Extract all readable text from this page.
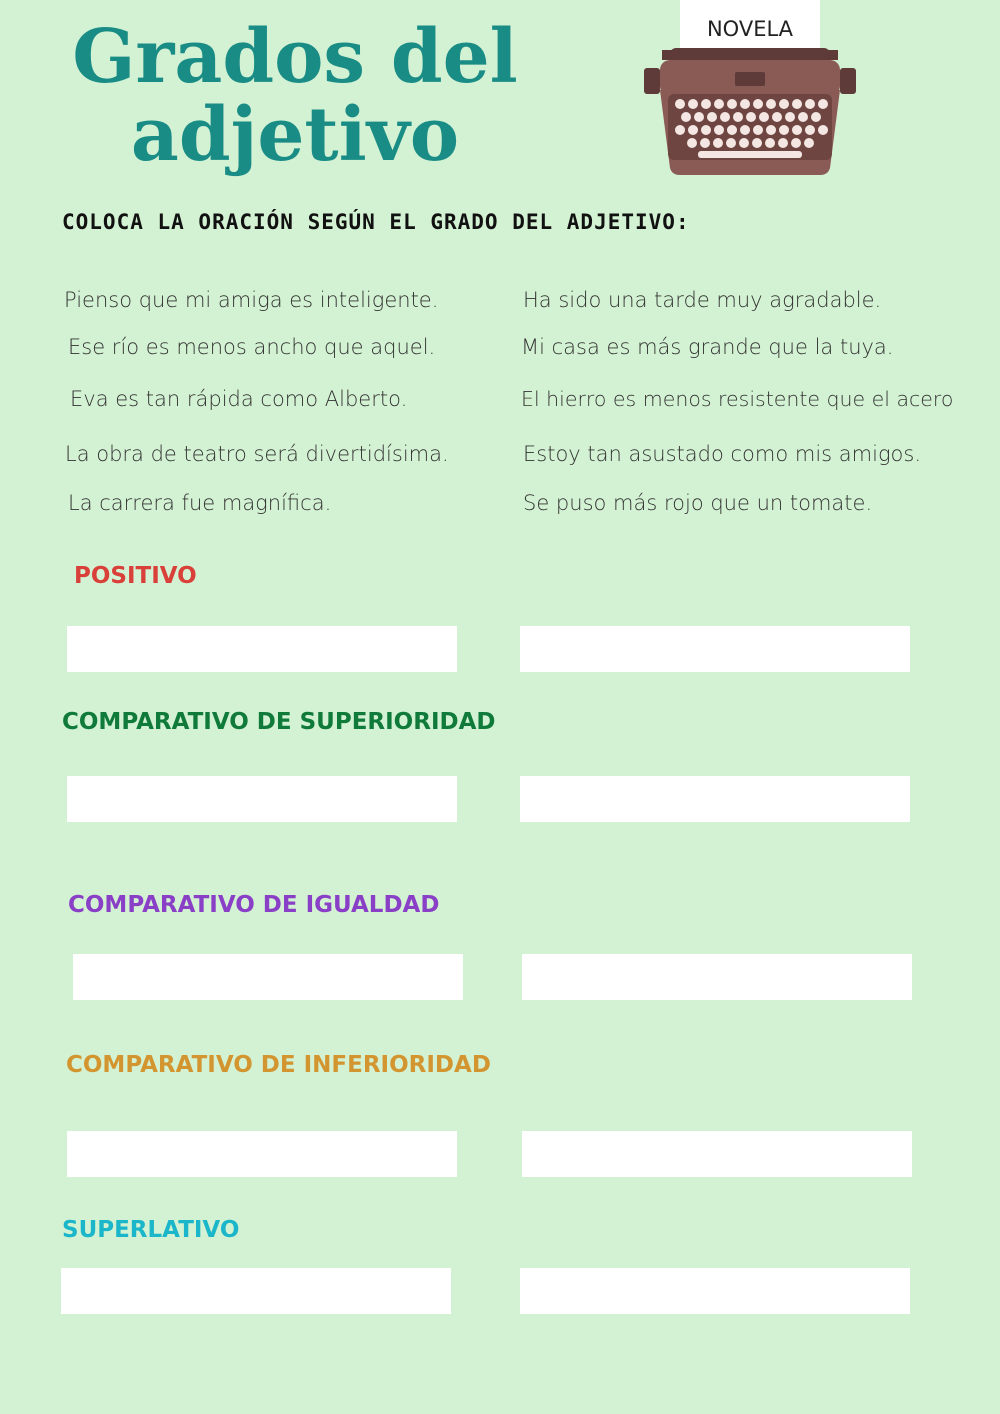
Grados del
adjetivo
NOVELA
COLOCA LA ORACIÓN SEGÚN EL GRADO DEL ADJETIVO:
Pienso que mi amiga es inteligente.
Ese río es menos ancho que aquel.
Eva es tan rápida como Alberto.
La obra de teatro será divertidísima.
La carrera fue magnífica.
Ha sido una tarde muy agradable.
Mi casa es más grande que la tuya.
El hierro es menos resistente que el acero
Estoy tan asustado como mis amigos.
Se puso más rojo que un tomate.
POSITIVO
COMPARATIVO DE SUPERIORIDAD
COMPARATIVO DE IGUALDAD
COMPARATIVO DE INFERIORIDAD
SUPERLATIVO
